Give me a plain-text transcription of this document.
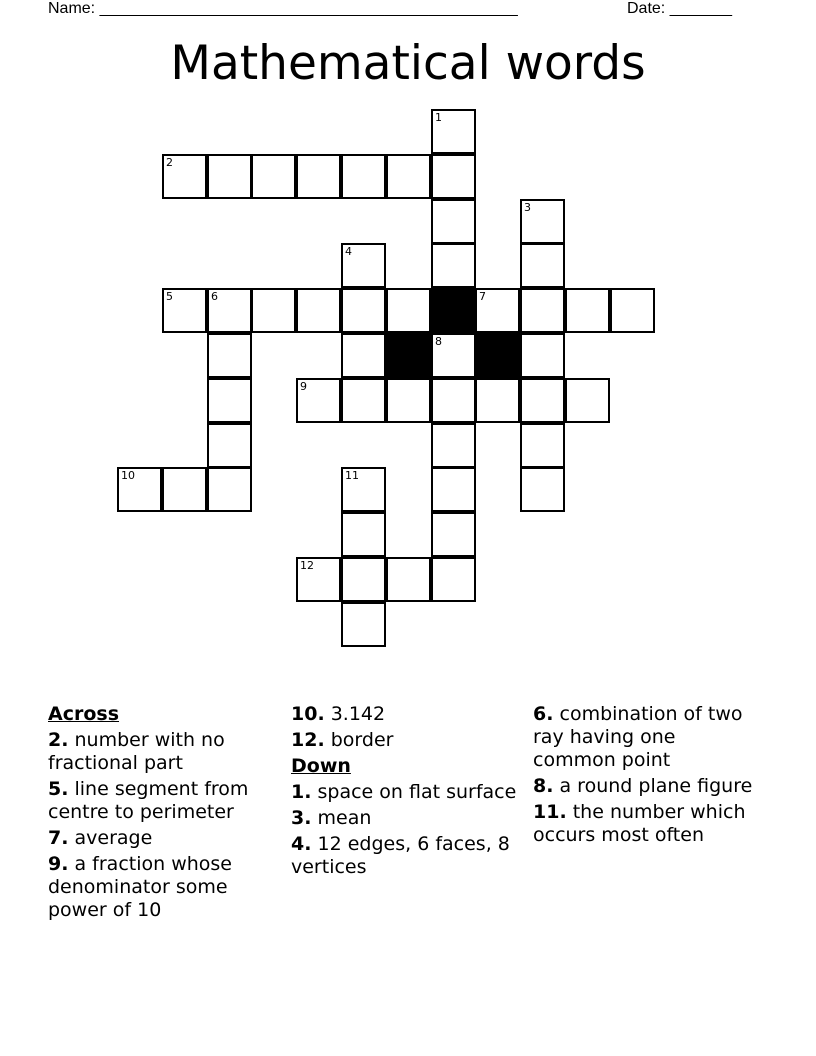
Name: _______________________________________________	Date: _______
Mathematical words
1
2
3
4
5	6	7
8
9
10	11
12
Across
2. number with no fractional part
5. line segment from centre to perimeter
7. average
9. a fraction whose denominator some power of 10
10. 3.142
12. border
Down
1. space on flat surface
3. mean
4. 12 edges, 6 faces, 8 vertices
6. combination of two ray having one common point
8. a round plane figure
11. the number which occurs most often
